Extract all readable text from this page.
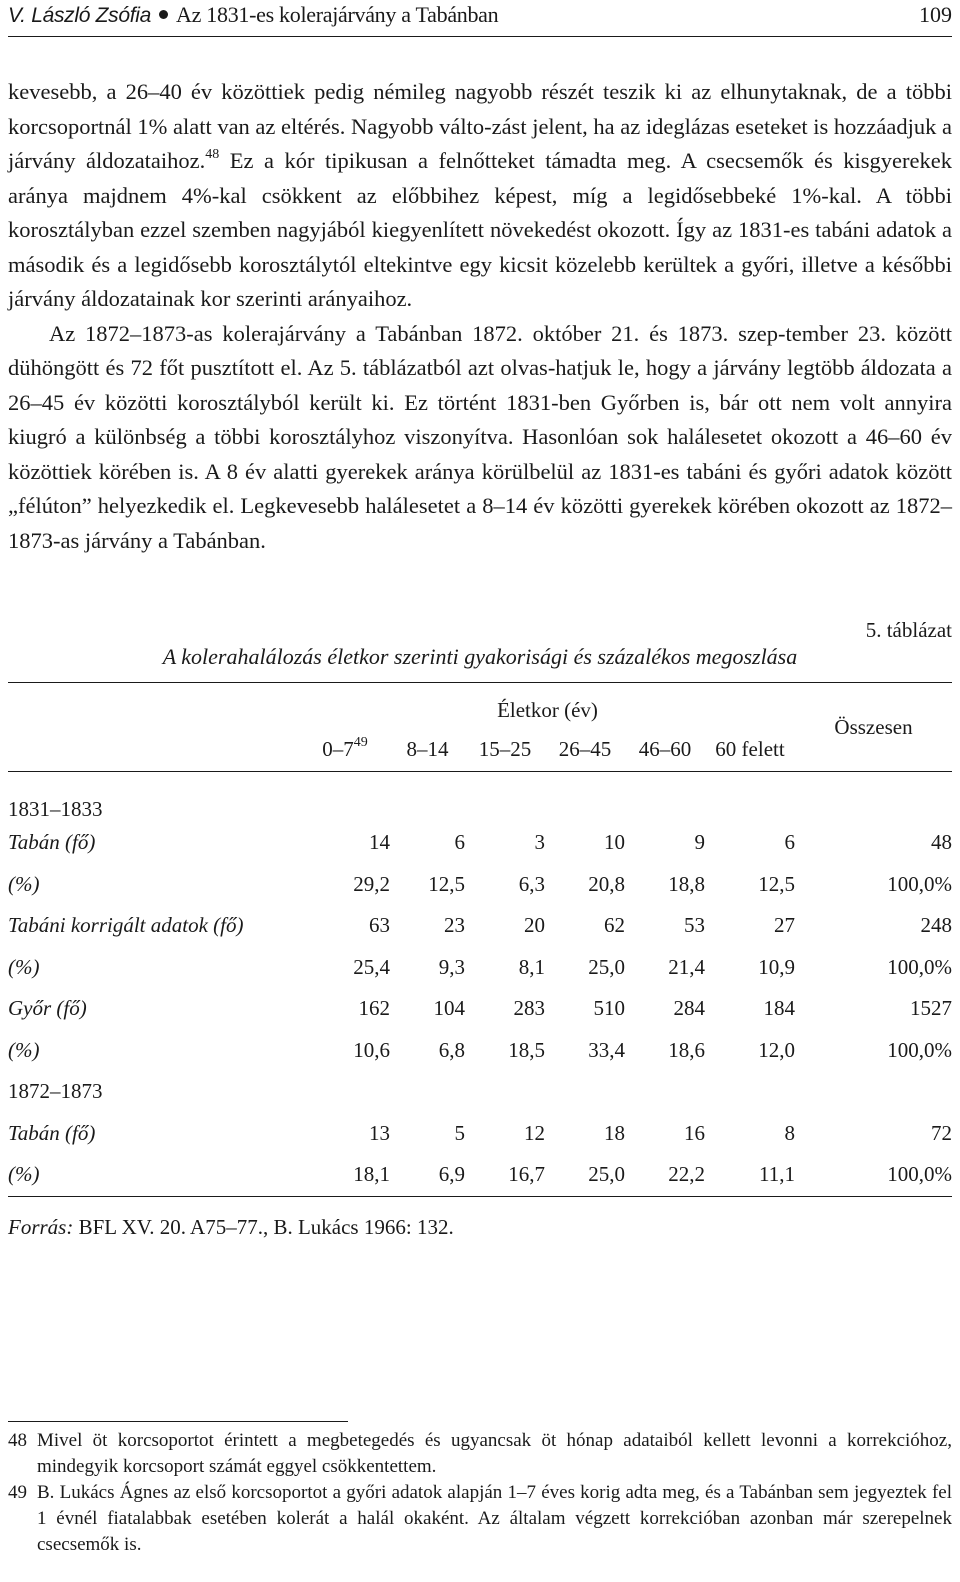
V. László Zsófia Az 1831-es kolerajárvány a Tabánban	109

kevesebb, a 26–40 év közöttiek pedig némileg nagyobb részét teszik ki az elhunytaknak, de a többi korcsoportnál 1% alatt van az eltérés. Nagyobb válto-zást jelent, ha az ideglázas eseteket is hozzáadjuk a járvány áldozataihoz.$^{48}$ Ez a kór tipikusan a felnőtteket támadta meg. A csecsemők és kisgyerekek aránya majdnem 4%-kal csökkent az előbbihez képest, míg a legidősebbeké 1%-kal. A többi korosztályban ezzel szemben nagyjából kiegyenlített növekedést okozott. Így az 1831-es tabáni adatok a második és a legidősebb korosztálytól eltekintve egy kicsit közelebb kerültek a győri, illetve a későbbi járvány áldozatainak kor szerinti arányaihoz.

Az 1872–1873-as kolerajárvány a Tabánban 1872. október 21. és 1873. szep-tember 23. között dühöngött és 72 főt pusztított el. Az 5. táblázatból azt olvas-hatjuk le, hogy a járvány legtöbb áldozata a 26–45 év közötti korosztályból került ki. Ez történt 1831-ben Győrben is, bár ott nem volt annyira kiugró a különbség a többi korosztályhoz viszonyítva. Hasonlóan sok halálesetet okozott a 46–60 év közöttiek körében is. A 8 év alatti gyerekek aránya körülbelül az 1831-es tabáni és győri adatok között „félúton” helyezkedik el. Legkevesebb halálesetet a 8–14 év közötti gyerekek körében okozott az 1872–1873-as járvány a Tabánban.

5. táblázat
A kolerahalálozás életkor szerinti gyakorisági és százalékos megoszlása
	Életkor (év)						Összesen
	$0-7^{49}$	8–14	15–25	26–45	46–60	60 felett	
1831–1833							
Tabán (fő)	14	6	3	10	9	6	48
(%)	29,2	12,5	6,3	20,8	18,8	12,5	100,0%
Tabáni korrigált adatok (fő)	63	23	20	62	53	27	248
(%)	25,4	9,3	8,1	25,0	21,4	10,9	100,0%
Győr (fő)	162	104	283	510	284	184	1527
(%)	10,6	6,8	18,5	33,4	18,6	12,0	100,0%
1872–1873							
Tabán (fő)	13	5	12	18	16	8	72
(%)	18,1	6,9	16,7	25,0	22,2	11,1	100,0%
Forrás: BFL XV. 20. A75–77., B. Lukács 1966: 132.
48 Mivel öt korcsoportot érintett a megbetegedés és ugyancsak öt hónap adataiból kellett levonni a korrekcióhoz, mindegyik korcsoport számát eggyel csökkentettem.
49 B. Lukács Ágnes az első korcsoportot a győri adatok alapján 1–7 éves korig adta meg, és a Tabánban sem jegyeztek fel 1 évnél fiatalabbak esetében kolerát a halál okaként. Az általam végzett korrekcióban azonban már szerepelnek csecsemők is.
